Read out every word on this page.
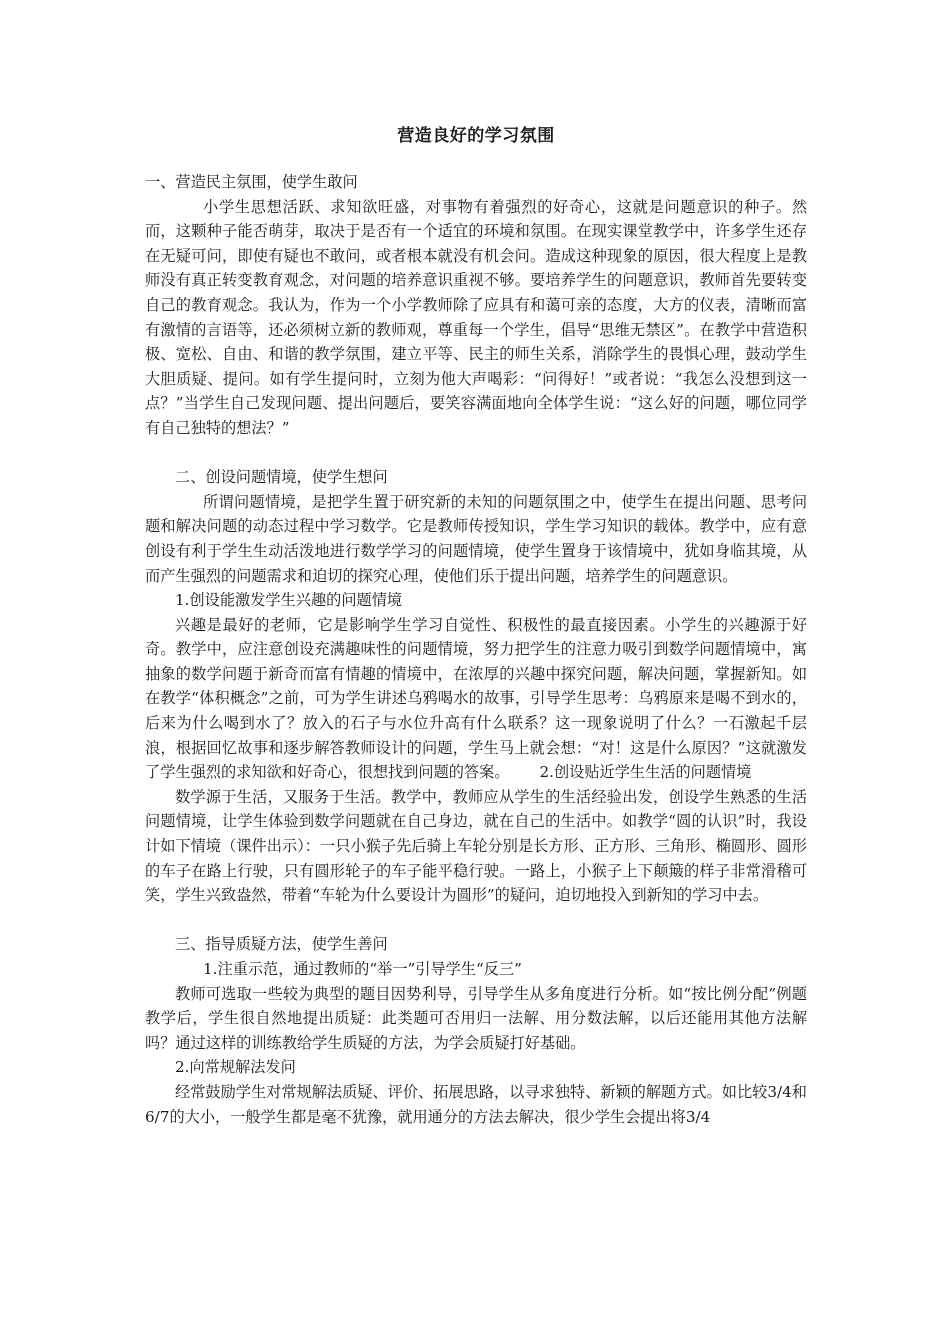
营造良好的学习氛围

一、营造民主氛围，使学生敢问

小学生思想活跃、求知欲旺盛，对事物有着强烈的好奇心，这就是问题意识的种子。然而，这颗种子能否萌芽，取决于是否有一个适宜的环境和氛围。在现实课堂教学中，许多学生还存在无疑可问，即使有疑也不敢问，或者根本就没有机会问。造成这种现象的原因，很大程度上是教师没有真正转变教育观念，对问题的培养意识重视不够。要培养学生的问题意识，教师首先要转变自己的教育观念。我认为，作为一个小学教师除了应具有和蔼可亲的态度，大方的仪表，清晰而富有激情的言语等，还必须树立新的教师观，尊重每一个学生，倡导“思维无禁区”。在教学中营造积极、宽松、自由、和谐的教学氛围，建立平等、民主的师生关系，消除学生的畏惧心理，鼓动学生大胆质疑、提问。如有学生提问时，立刻为他大声喝彩：“问得好！”或者说：“我怎么没想到这一点？”当学生自己发现问题、提出问题后，要笑容满面地向全体学生说：“这么好的问题，哪位同学有自己独特的想法？”

二、创设问题情境，使学生想问

所谓问题情境，是把学生置于研究新的未知的问题氛围之中，使学生在提出问题、思考问题和解决问题的动态过程中学习数学。它是教师传授知识，学生学习知识的载体。教学中，应有意创设有利于学生生动活泼地进行数学学习的问题情境，使学生置身于该情境中，犹如身临其境，从而产生强烈的问题需求和迫切的探究心理，使他们乐于提出问题，培养学生的问题意识。

1.创设能激发学生兴趣的问题情境

兴趣是最好的老师，它是影响学生学习自觉性、积极性的最直接因素。小学生的兴趣源于好奇。教学中，应注意创设充满趣味性的问题情境，努力把学生的注意力吸引到数学问题情境中，寓抽象的数学问题于新奇而富有情趣的情境中，在浓厚的兴趣中探究问题，解决问题，掌握新知。如在教学“体积概念”之前，可为学生讲述乌鸦喝水的故事，引导学生思考：乌鸦原来是喝不到水的，后来为什么喝到水了？放入的石子与水位升高有什么联系？这一现象说明了什么？一石激起千层浪，根据回忆故事和逐步解答教师设计的问题，学生马上就会想：“对！这是什么原因？”这就激发了学生强烈的求知欲和好奇心，很想找到问题的答案。 2.创设贴近学生生活的问题情境

数学源于生活，又服务于生活。教学中，教师应从学生的生活经验出发，创设学生熟悉的生活问题情境，让学生体验到数学问题就在自己身边，就在自己的生活中。如教学“圆的认识”时，我设计如下情境（课件出示）：一只小猴子先后骑上车轮分别是长方形、正方形、三角形、椭圆形、圆形的车子在路上行驶，只有圆形轮子的车子能平稳行驶。一路上，小猴子上下颠簸的样子非常滑稽可笑，学生兴致盎然，带着“车轮为什么要设计为圆形”的疑问，迫切地投入到新知的学习中去。

三、指导质疑方法，使学生善问

1.注重示范，通过教师的“举一”引导学生“反三”

教师可选取一些较为典型的题目因势利导，引导学生从多角度进行分析。如“按比例分配”例题教学后，学生很自然地提出质疑：此类题可否用归一法解、用分数法解，以后还能用其他方法解吗？通过这样的训练教给学生质疑的方法，为学会质疑打好基础。

2.向常规解法发问

经常鼓励学生对常规解法质疑、评价、拓展思路，以寻求独特、新颖的解题方式。如比较3/4和6/7的大小，一般学生都是毫不犹豫，就用通分的方法去解决，很少学生会提出将3/4
